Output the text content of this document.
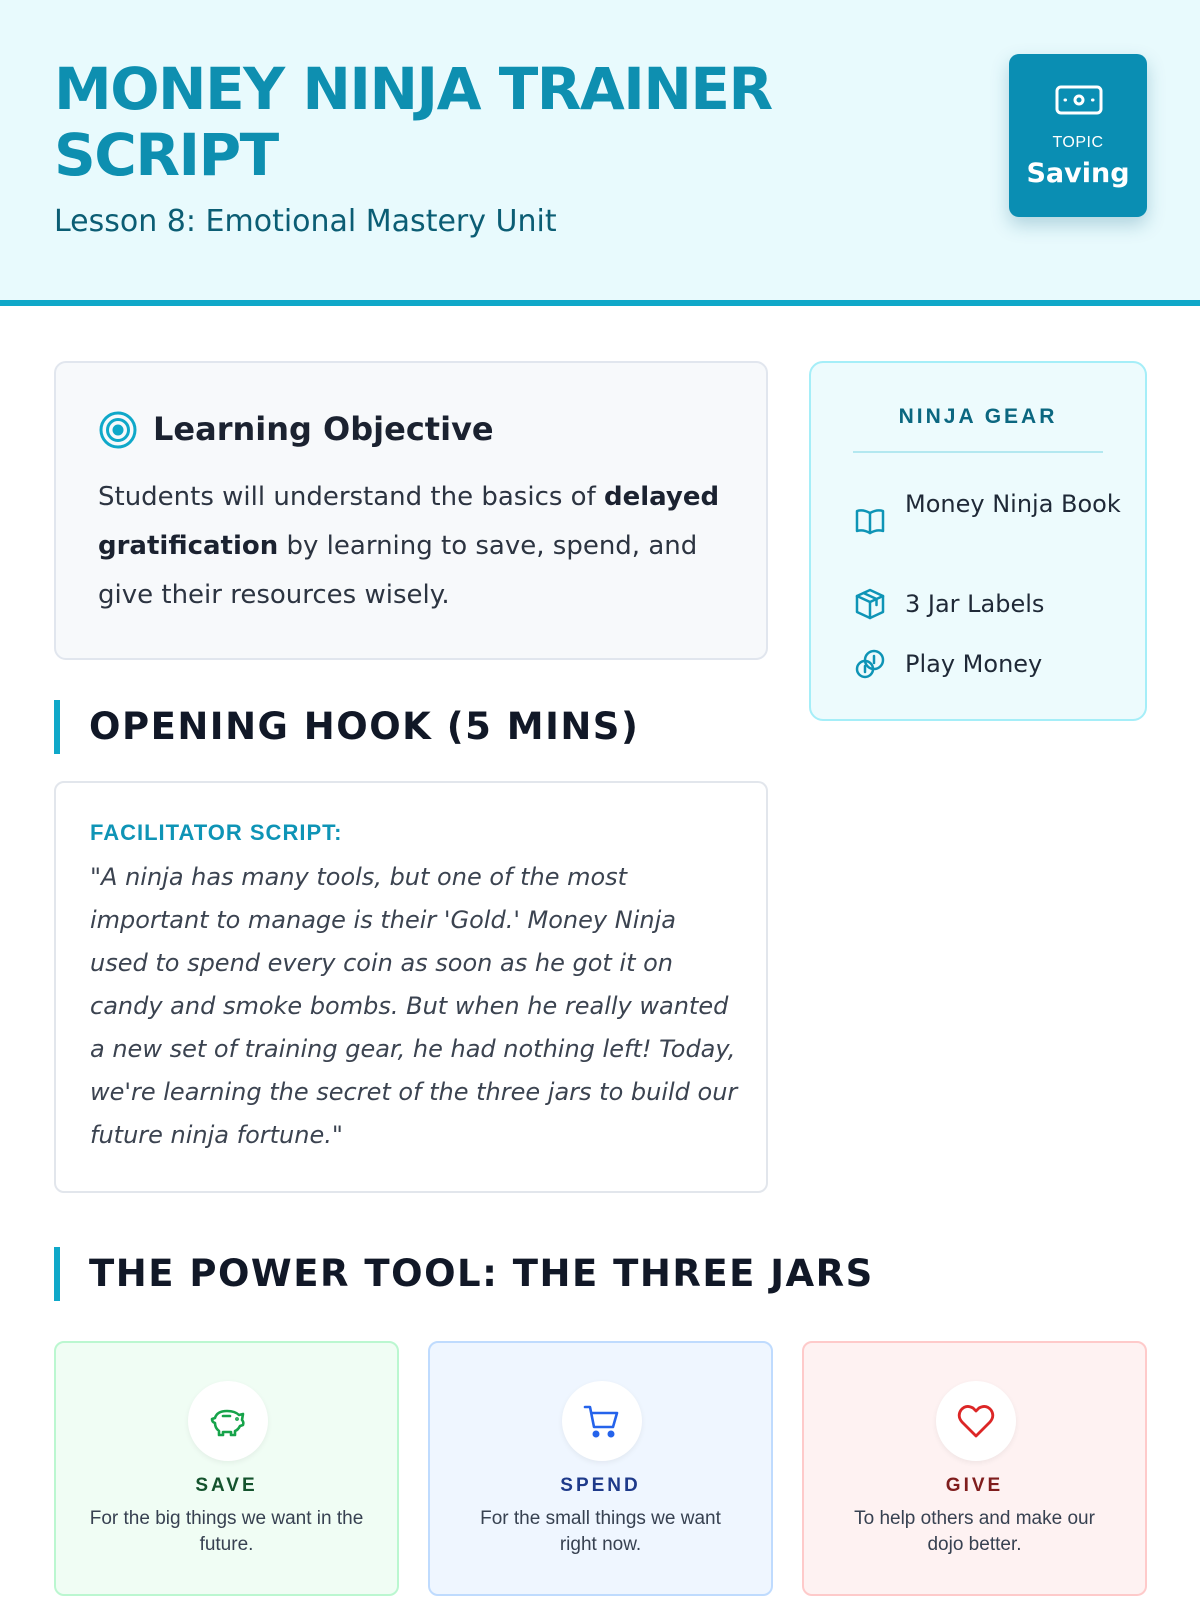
MONEY NINJA TRAINER SCRIPT
Lesson 8: Emotional Mastery Unit
TOPIC
Saving
Learning Objective

Students will understand the basics of delayed gratification by learning to save, spend, and give their resources wisely.

NINJA GEAR
Money Ninja Book
3 Jar Labels
Play Money
OPENING HOOK (5 MINS)
FACILITATOR SCRIPT:

"A ninja has many tools, but one of the most important to manage is their 'Gold.' Money Ninja used to spend every coin as soon as he got it on candy and smoke bombs. But when he really wanted a new set of training gear, he had nothing left! Today, we're learning the secret of the three jars to build our future ninja fortune."

THE POWER TOOL: THE THREE JARS
SAVE
For the big things we want in the future.
SPEND
For the small things we want right now.
GIVE
To help others and make our dojo better.
